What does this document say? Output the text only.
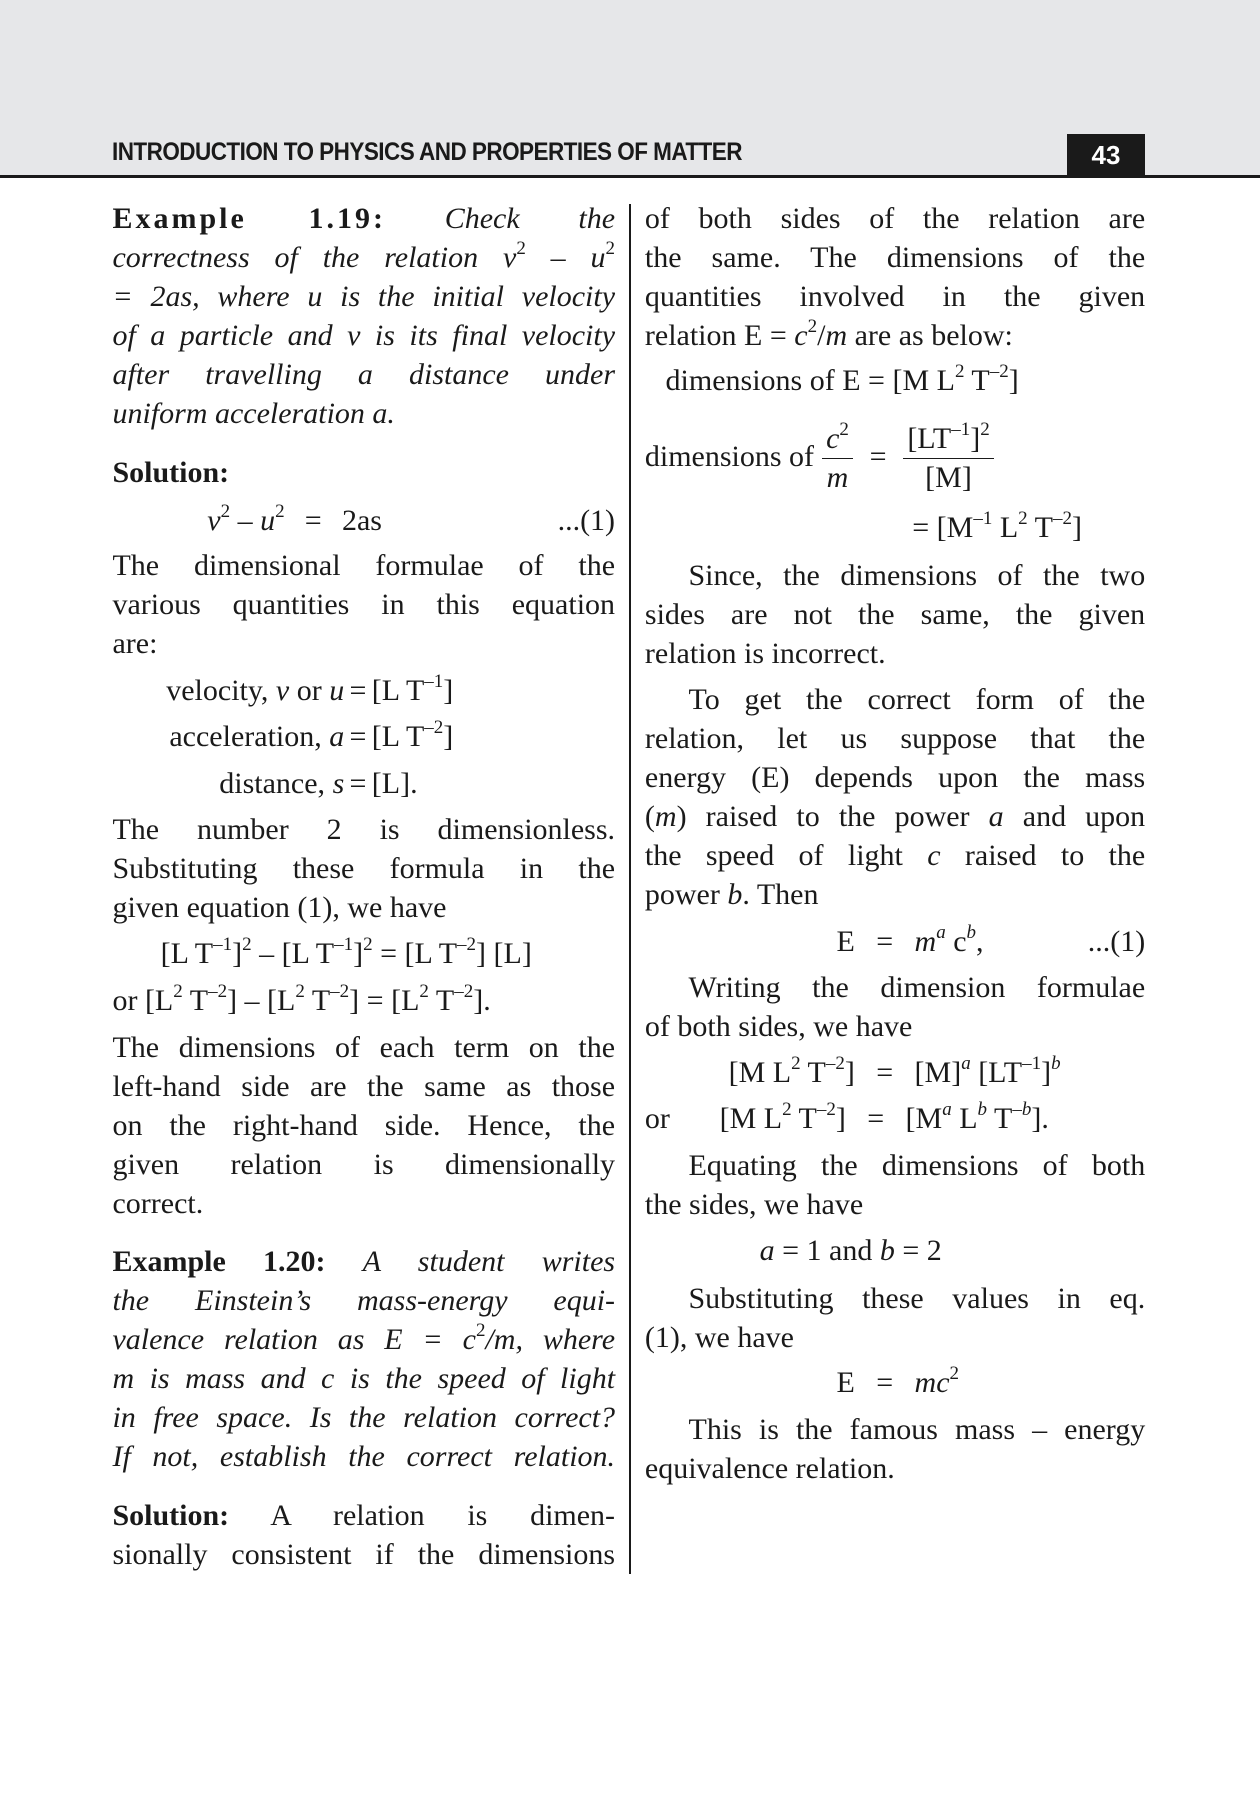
INTRODUCTION TO PHYSICS AND PROPERTIES OF MATTER	43
Example 1.19: Check the
correctness of the relation $v^2 - u^2$
= 2as, where u is the initial velocity
of a particle and v is its final velocity
after travelling a distance under
uniform acceleration a.
Solution:
...(1)
$v^2 - u^2 = 2as$
The dimensional formulae of the
various quantities in this equation
are:
velocity, v or u = [L $T^{-1}$]
acceleration, a = [L $T^{-2}$]
distance, s = [L].
The number 2 is dimensionless.
Substituting these formula in the
given equation (1), we have
[L $T^{-1}]^2 - [L$ $T^{-1}]^2 = [L$ $T^{-2}$] [L]
or [$L^2$ $T^{-2}] - [L^2$ $T^{-2}] = [L^2$ $T^{-2}$].
The dimensions of each term on the
left-hand side are the same as those
on the right-hand side. Hence, the
given relation is dimensionally
correct.
Example 1.20: A student writes
the Einstein’s mass-energy equi-
valence relation as $E = c^2/m$, where
m is mass and c is the speed of light
in free space. Is the relation correct?
If not, establish the correct relation.
Solution: A relation is dimen-
sionally consistent if the dimensions
of both sides of the relation are
the same. The dimensions of the
quantities involved in the given
relation $E = c^2/m$ are as below:
dimensions of E = [M $L^2$ $T^{-2}$]
dimensions of $\frac{c^2}{m} = \frac{[LT^{-1}]^2}{[M]}$
= [$M^{-1}$ $L^2$ $T^{-2}$]
Since, the dimensions of the two
sides are not the same, the given
relation is incorrect.
To get the correct form of the
relation, let us suppose that the
energy (E) depends upon the mass
(m) raised to the power a and upon
the speed of light c raised to the
power b. Then
...(1)
$E = m^a$ $c^b$,
Writing the dimension formulae
of both sides, we have
[M $L^2$ $T^{-2}] = [M]^a$ $[LT^{-1}]^b$
or [M $L^2$ $T^{-2}] = [M^a$ $L^b$ $T^{-b}$].
Equating the dimensions of both
the sides, we have
a = 1 and b = 2
Substituting these values in eq.
(1), we have
$E = mc^2$
This is the famous mass – energy
equivalence relation.
